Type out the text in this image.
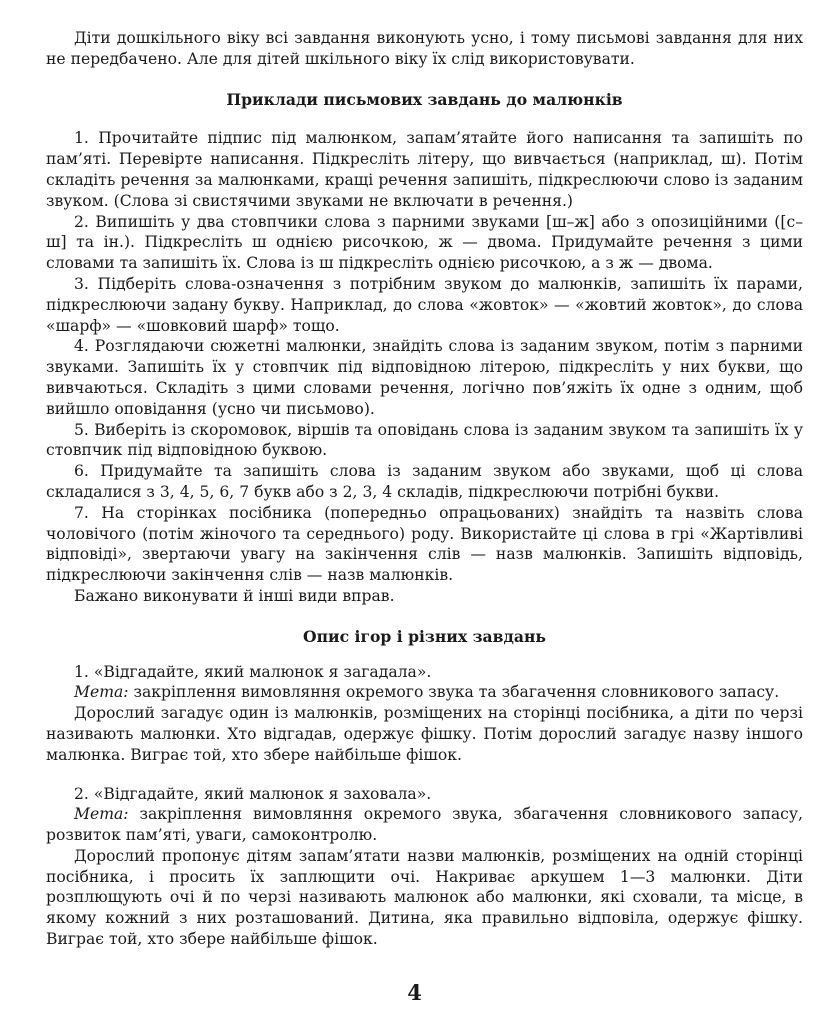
Діти дошкільного віку всі завдання виконують усно, і тому письмові завдання для них не передбачено. Але для дітей шкільного віку їх слід використовувати.

Приклади письмових завдань до малюнків

1. Прочитайте підпис під малюнком, запам’ятайте його написання та запишіть по пам’яті. Перевірте написання. Підкресліть літеру, що вивчається (наприклад, ш). Потім складіть речення за малюнками, кращі речення запишіть, підкреслюючи слово із заданим звуком. (Слова зі свистячими звуками не включати в речення.)

2. Випишіть у два стовпчики слова з парними звуками [ш–ж] або з опозиційними ([с–ш] та ін.). Підкресліть ш однією рисочкою, ж — двома. Придумайте речення з цими словами та запишіть їх. Слова із ш підкресліть однією рисочкою, а з ж — двома.

3. Підберіть слова-означення з потрібним звуком до малюнків, запишіть їх парами, підкреслюючи задану букву. Наприклад, до слова «жовток» — «жовтий жовток», до слова «шарф» — «шовковий шарф» тощо.

4. Розглядаючи сюжетні малюнки, знайдіть слова із заданим звуком, потім з парними звуками. Запишіть їх у стовпчик під відповідною літерою, підкресліть у них букви, що вивчаються. Складіть з цими словами речення, логічно пов’яжіть їх одне з одним, щоб вийшло оповідання (усно чи письмово).

5. Виберіть із скоромовок, віршів та оповідань слова із заданим звуком та запишіть їх у стовпчик під відповідною буквою.

6. Придумайте та запишіть слова із заданим звуком або звуками, щоб ці слова складалися з 3, 4, 5, 6, 7 букв або з 2, 3, 4 складів, підкреслюючи потрібні букви.

7. На сторінках посібника (попередньо опрацьованих) знайдіть та назвіть слова чоловічого (потім жіночого та середнього) роду. Використайте ці слова в грі «Жартівливі відповіді», звертаючи увагу на закінчення слів — назв малюнків. Запишіть відповідь, підкреслюючи закінчення слів — назв малюнків.

Бажано виконувати й інші види вправ.

Опис ігор і різних завдань

1. «Відгадайте, який малюнок я загадала».

Мета: закріплення вимовляння окремого звука та збагачення словникового запасу.

Дорослий загадує один із малюнків, розміщених на сторінці посібника, а діти по черзі називають малюнки. Хто відгадав, одержує фішку. Потім дорослий загадує назву іншого малюнка. Виграє той, хто збере найбільше фішок.

2. «Відгадайте, який малюнок я заховала».

Мета: закріплення вимовляння окремого звука, збагачення словникового запасу, розвиток пам’яті, уваги, самоконтролю.

Дорослий пропонує дітям запам’ятати назви малюнків, розміщених на одній сторінці посібника, і просить їх заплющити очі. Накриває аркушем 1—3 малюнки. Діти розплющують очі й по черзі називають малюнок або малюнки, які сховали, та місце, в якому кожний з них розташований. Дитина, яка правильно відповіла, одержує фішку. Виграє той, хто збере найбільше фішок.

4
